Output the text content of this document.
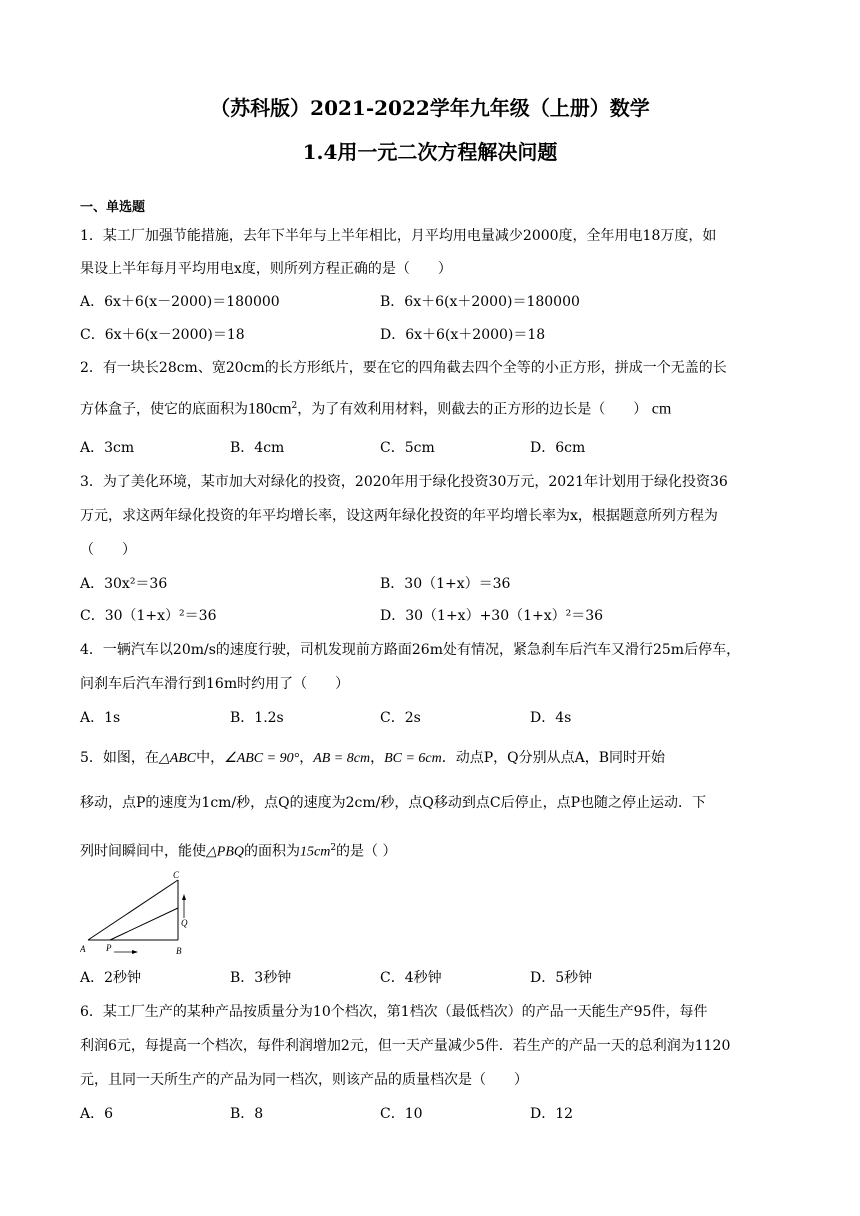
（苏科版）2021-2022学年九年级（上册）数学
1.4用一元二次方程解决问题
一、单选题
1．某工厂加强节能措施，去年下半年与上半年相比，月平均用电量减少2000度，全年用电18万度，如
果设上半年每月平均用电x度，则所列方程正确的是（　　）
A．6x＋6(x－2000)＝180000	B．6x＋6(x＋2000)＝180000
C．6x＋6(x－2000)＝18	D．6x＋6(x＋2000)＝18
2．有一块长28cm、宽20cm的长方形纸片，要在它的四角截去四个全等的小正方形，拼成一个无盖的长
方体盒子，使它的底面积为$180cm^2$，为了有效利用材料，则截去的正方形的边长是（　　） cm
A．3cm	B．4cm	C．5cm	D．6cm
3．为了美化环境，某市加大对绿化的投资，2020年用于绿化投资30万元，2021年计划用于绿化投资36
万元，求这两年绿化投资的年平均增长率，设这两年绿化投资的年平均增长率为x，根据题意所列方程为
（　　）
A．30x²＝36	B．30（1+x）＝36
C．30（1+x）²＝36	D．30（1+x）+30（1+x）²＝36
4．一辆汽车以20m/s的速度行驶，司机发现前方路面26m处有情况，紧急刹车后汽车又滑行25m后停车，
问刹车后汽车滑行到16m时约用了（　　）
A．1s	B．1.2s	C．2s	D．4s
5．如图，在△ABC中，∠ABC = 90°，AB = 8cm，BC = 6cm．动点P，Q分别从点A，B同时开始
移动，点P的速度为1cm/秒，点Q的速度为2cm/秒，点Q移动到点C后停止，点P也随之停止运动．下
列时间瞬间中，能使△PBQ的面积为$15cm^2$的是（ ）
A	B
C
P
Q
A．2秒钟	B．3秒钟	C．4秒钟	D．5秒钟
6．某工厂生产的某种产品按质量分为10个档次，第1档次（最低档次）的产品一天能生产95件，每件
利润6元，每提高一个档次，每件利润增加2元，但一天产量减少5件．若生产的产品一天的总利润为1120
元，且同一天所生产的产品为同一档次，则该产品的质量档次是（　　）
A．6	B．8	C．10	D．12
